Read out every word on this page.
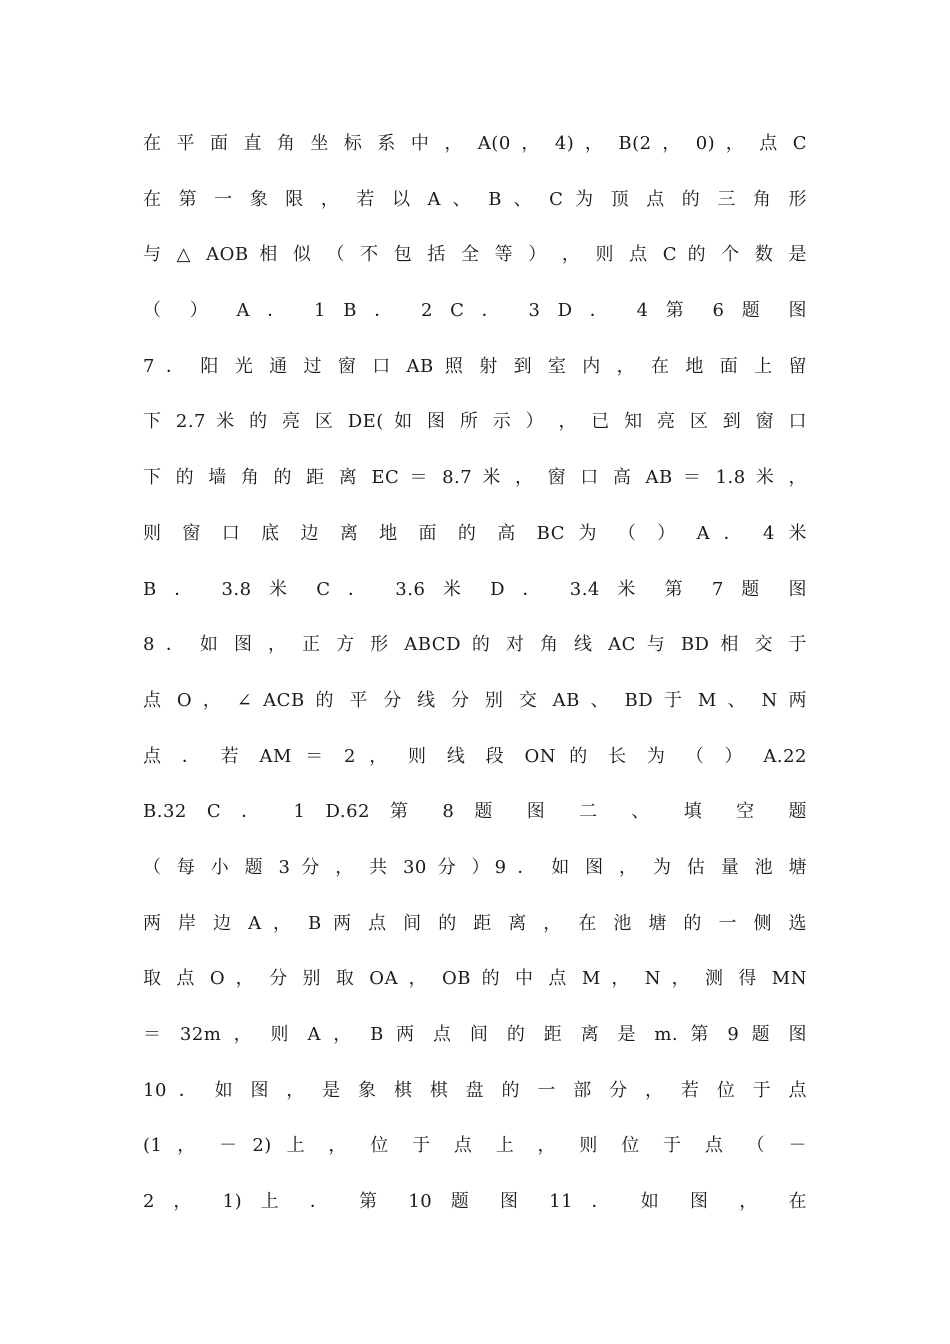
在 平 面 直 角 坐 标 系 中 ， A(0 ， 4) ， B(2 ， 0) ， 点 C
在 第 一 象 限 ， 若 以 A 、 B 、 C 为 顶 点 的 三 角 形
与 △ AOB 相 似 （ 不 包 括 全 等 ） ， 则 点 C 的 个 数 是
（ ） A ． 1 B ． 2 C ． 3 D ． 4 第 6 题 图
7 ． 阳 光 通 过 窗 口 AB 照 射 到 室 内 ， 在 地 面 上 留
下 2.7 米 的 亮 区 DE( 如 图 所 示 ） ， 已 知 亮 区 到 窗 口
下 的 墙 角 的 距 离 EC ＝ 8.7 米 ， 窗 口 高 AB ＝ 1.8 米 ，
则 窗 口 底 边 离 地 面 的 高 BC 为 （ ） A ． 4 米
B ． 3.8 米 C ． 3.6 米 D ． 3.4 米 第 7 题 图
8 ． 如 图 ， 正 方 形 ABCD 的 对 角 线 AC 与 BD 相 交 于
点 O ， ∠ ACB 的 平 分 线 分 别 交 AB 、 BD 于 M 、 N 两
点 ． 若 AM ＝ 2 ， 则 线 段 ON 的 长 为 （ ） A.22
B.32 C ． 1 D.62 第 8 题 图 二 、 填 空 题
（ 每 小 题 3 分 ， 共 30 分 ）9 ． 如 图 ， 为 估 量 池 塘
两 岸 边 A ， B 两 点 间 的 距 离 ， 在 池 塘 的 一 侧 选
取 点 O ， 分 别 取 OA ， OB 的 中 点 M ， N ， 测 得 MN
＝ 32m ， 则 A ， B 两 点 间 的 距 离 是 m. 第 9 题 图
10 ． 如 图 ， 是 象 棋 棋 盘 的 一 部 分 ， 若 位 于 点
(1 ， － 2) 上 ， 位 于 点 上 ， 则 位 于 点 （ －
2 ， 1) 上 ． 第 10 题 图 11 ． 如 图 ， 在
